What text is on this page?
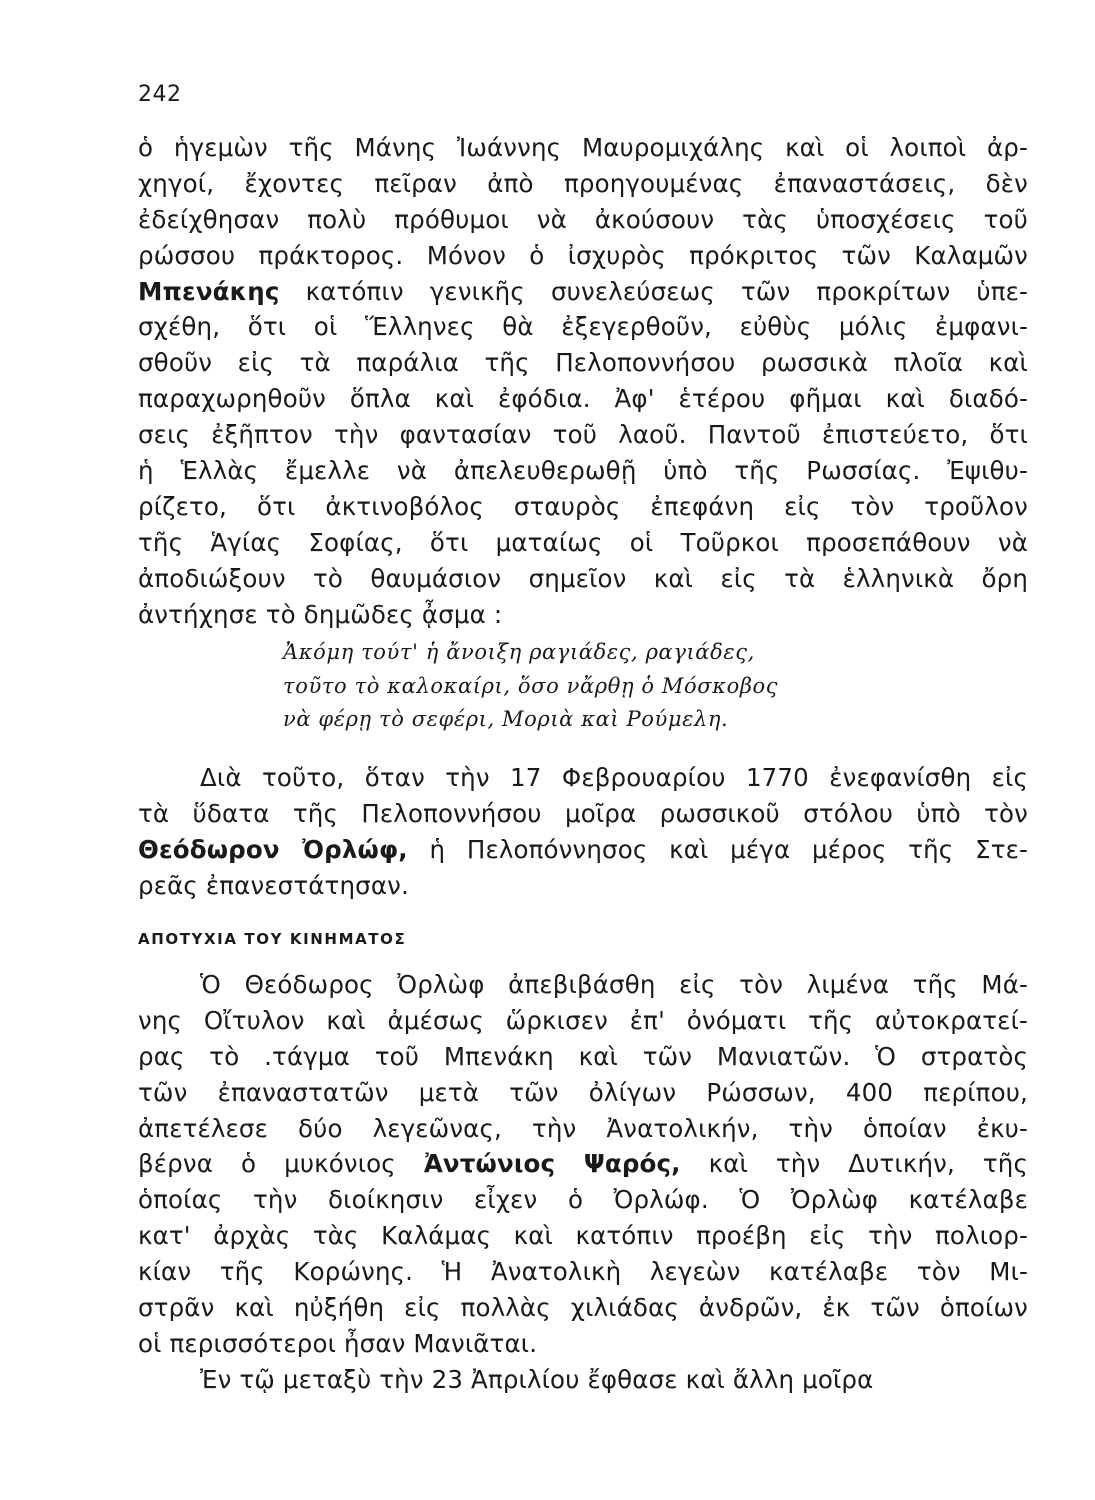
242
ὁ ἡγεμὼν τῆς Μάνης Ἰωάννης Μαυρομιχάλης καὶ οἱ λοιποὶ ἀρ-
χηγοί, ἔχοντες πεῖραν ἀπὸ προηγουμένας ἐπαναστάσεις, δὲν
ἐδείχθησαν πολὺ πρόθυμοι νὰ ἀκούσουν τὰς ὑποσχέσεις τοῦ
ρώσσου πράκτορος. Μόνον ὁ ἰσχυρὸς πρόκριτος τῶν Καλαμῶν
Μπενάκης κατόπιν γενικῆς συνελεύσεως τῶν προκρίτων ὑπε-
σχέθη, ὅτι οἱ Ἕλληνες θὰ ἐξεγερθοῦν, εὐθὺς μόλις ἐμφανι-
σθοῦν εἰς τὰ παράλια τῆς Πελοποννήσου ρωσσικὰ πλοῖα καὶ
παραχωρηθοῦν ὅπλα καὶ ἐφόδια. Ἀφ' ἑτέρου φῆμαι καὶ διαδό-
σεις ἐξῆπτον τὴν φαντασίαν τοῦ λαοῦ. Παντοῦ ἐπιστεύετο, ὅτι
ἡ Ἑλλὰς ἔμελλε νὰ ἀπελευθερωθῇ ὑπὸ τῆς Ρωσσίας. Ἐψιθυ-
ρίζετο, ὅτι ἀκτινοβόλος σταυρὸς ἐπεφάνη εἰς τὸν τροῦλον
τῆς Ἁγίας Σοφίας, ὅτι ματαίως οἱ Τοῦρκοι προσεπάθουν νὰ
ἀποδιώξουν τὸ θαυμάσιον σημεῖον καὶ εἰς τὰ ἑλληνικὰ ὄρη
ἀντήχησε τὸ δημῶδες ᾆσμα :
Ἀκόμη τούτ' ἡ ἄνοιξη ραγιάδες, ραγιάδες,
τοῦτο τὸ καλοκαίρι, ὅσο νἄρθῃ ὁ Μόσκοβος
νὰ φέρῃ τὸ σεφέρι, Μοριὰ καὶ Ρούμελη.
Διὰ τοῦτο, ὅταν τὴν 17 Φεβρουαρίου 1770 ἐνεφανίσθη εἰς
τὰ ὕδατα τῆς Πελοποννήσου μοῖρα ρωσσικοῦ στόλου ὑπὸ τὸν
Θεόδωρον Ὀρλώφ, ἡ Πελοπόννησος καὶ μέγα μέρος τῆς Στε-
ρεᾶς ἐπανεστάτησαν.
ΑΠΟΤΥΧΙΑ ΤΟΥ ΚΙΝΗΜΑΤΟΣ
Ὁ Θεόδωρος Ὀρλὼφ ἀπεβιβάσθη εἰς τὸν λιμένα τῆς Μά-
νης Οἴτυλον καὶ ἀμέσως ὥρκισεν ἐπ' ὀνόματι τῆς αὐτοκρατεί-
ρας τὸ .τάγμα τοῦ Μπενάκη καὶ τῶν Μανιατῶν. Ὁ στρατὸς
τῶν ἐπαναστατῶν μετὰ τῶν ὀλίγων Ρώσσων, 400 περίπου,
ἀπετέλεσε δύο λεγεῶνας, τὴν Ἀνατολικήν, τὴν ὁποίαν ἐκυ-
βέρνα ὁ μυκόνιος Ἀντώνιος Ψαρός, καὶ τὴν Δυτικήν, τῆς
ὁποίας τὴν διοίκησιν εἶχεν ὁ Ὀρλώφ. Ὁ Ὀρλὼφ κατέλαβε
κατ' ἀρχὰς τὰς Καλάμας καὶ κατόπιν προέβη εἰς τὴν πολιορ-
κίαν τῆς Κορώνης. Ἡ Ἀνατολικὴ λεγεὼν κατέλαβε τὸν Μι-
στρᾶν καὶ ηὐξήθη εἰς πολλὰς χιλιάδας ἀνδρῶν, ἐκ τῶν ὁποίων
οἱ περισσότεροι ἦσαν Μανιᾶται.
Ἐν τῷ μεταξὺ τὴν 23 Ἀπριλίου ἔφθασε καὶ ἄλλη μοῖρα
